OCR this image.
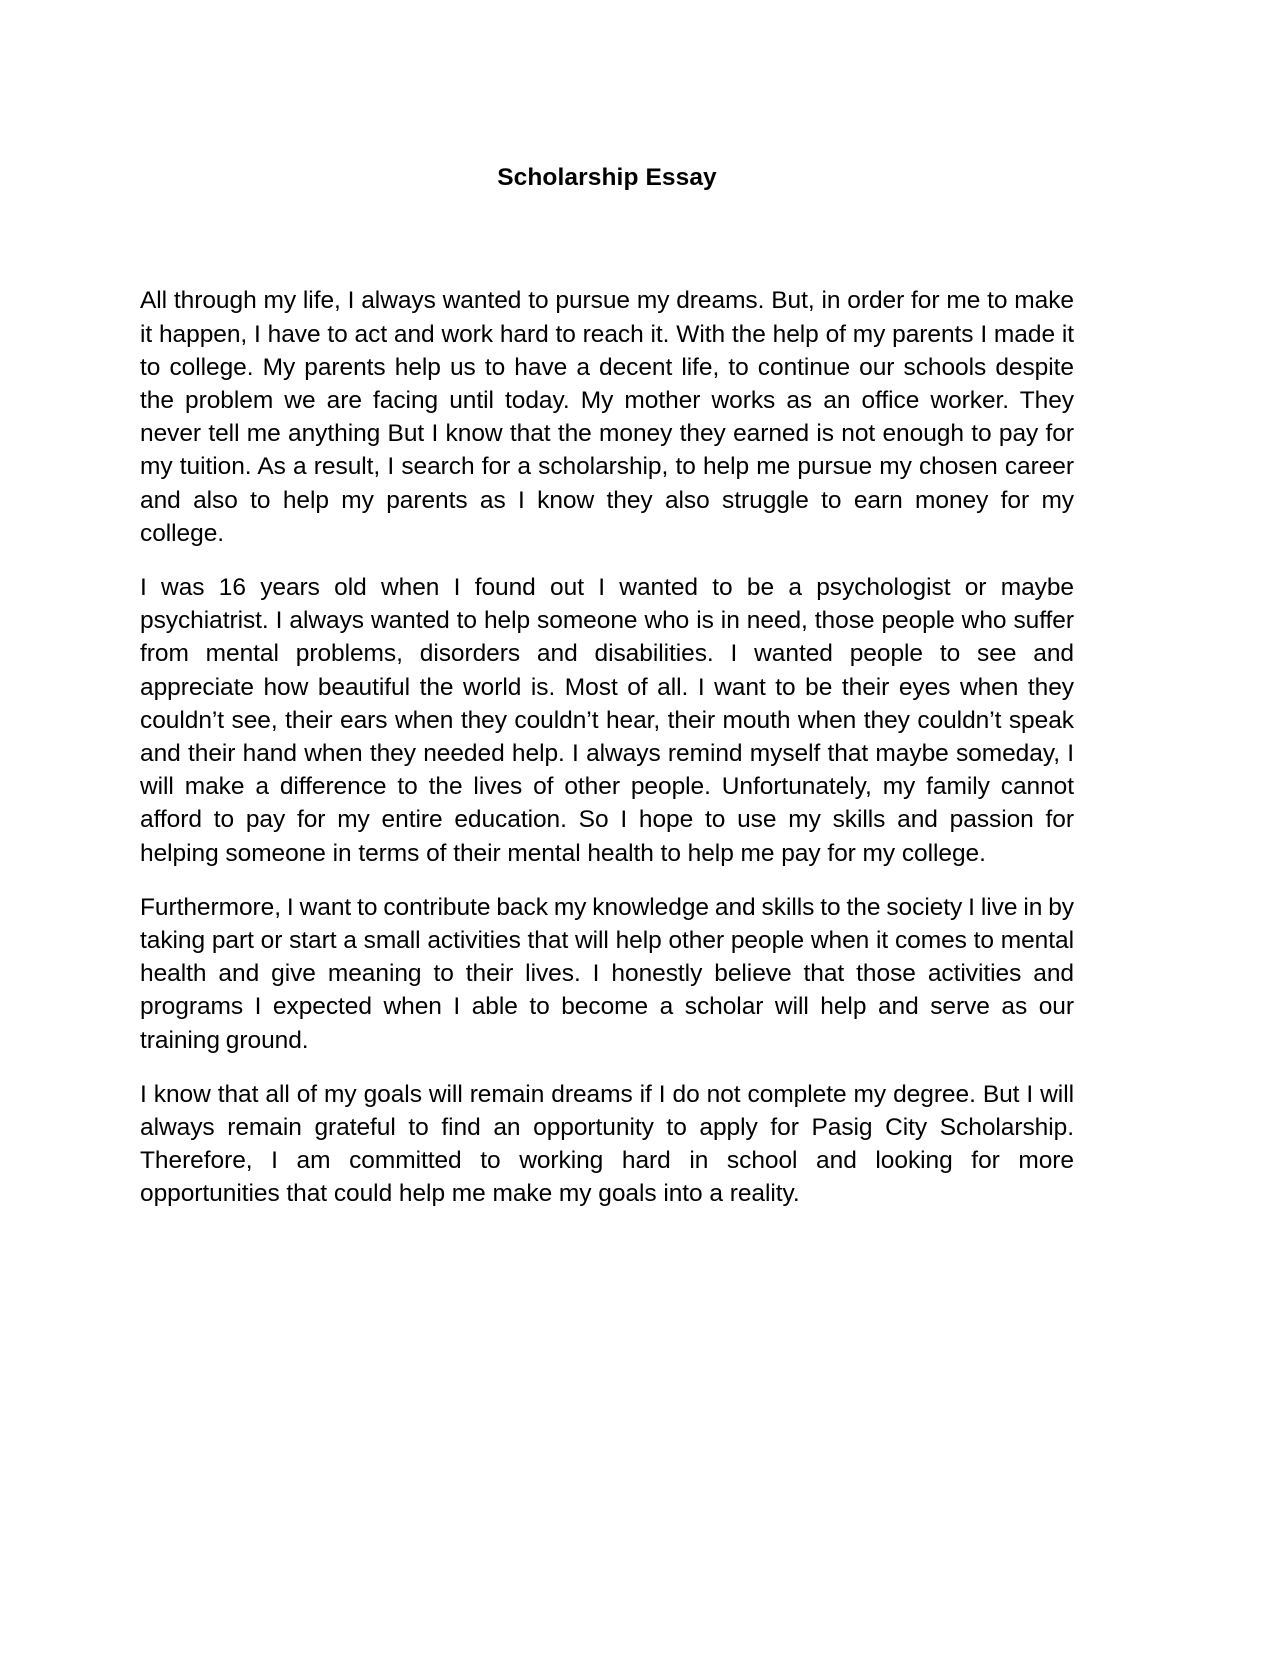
Scholarship Essay

All through my life, I always wanted to pursue my dreams. But, in order for me to make it happen, I have to act and work hard to reach it. With the help of my parents I made it to college. My parents help us to have a decent life, to continue our schools despite the problem we are facing until today. My mother works as an office worker. They never tell me anything But I know that the money they earned is not enough to pay for my tuition. As a result, I search for a scholarship, to help me pursue my chosen career and also to help my parents as I know they also struggle to earn money for my college.

I was 16 years old when I found out I wanted to be a psychologist or maybe psychiatrist. I always wanted to help someone who is in need, those people who suffer from mental problems, disorders and disabilities. I wanted people to see and appreciate how beautiful the world is. Most of all. I want to be their eyes when they couldn’t see, their ears when they couldn’t hear, their mouth when they couldn’t speak and their hand when they needed help. I always remind myself that maybe someday, I will make a difference to the lives of other people. Unfortunately, my family cannot afford to pay for my entire education. So I hope to use my skills and passion for helping someone in terms of their mental health to help me pay for my college.

Furthermore, I want to contribute back my knowledge and skills to the society I live in by taking part or start a small activities that will help other people when it comes to mental health and give meaning to their lives. I honestly believe that those activities and programs I expected when I able to become a scholar will help and serve as our training ground.

I know that all of my goals will remain dreams if I do not complete my degree. But I will always remain grateful to find an opportunity to apply for Pasig City Scholarship. Therefore, I am committed to working hard in school and looking for more opportunities that could help me make my goals into a reality.
